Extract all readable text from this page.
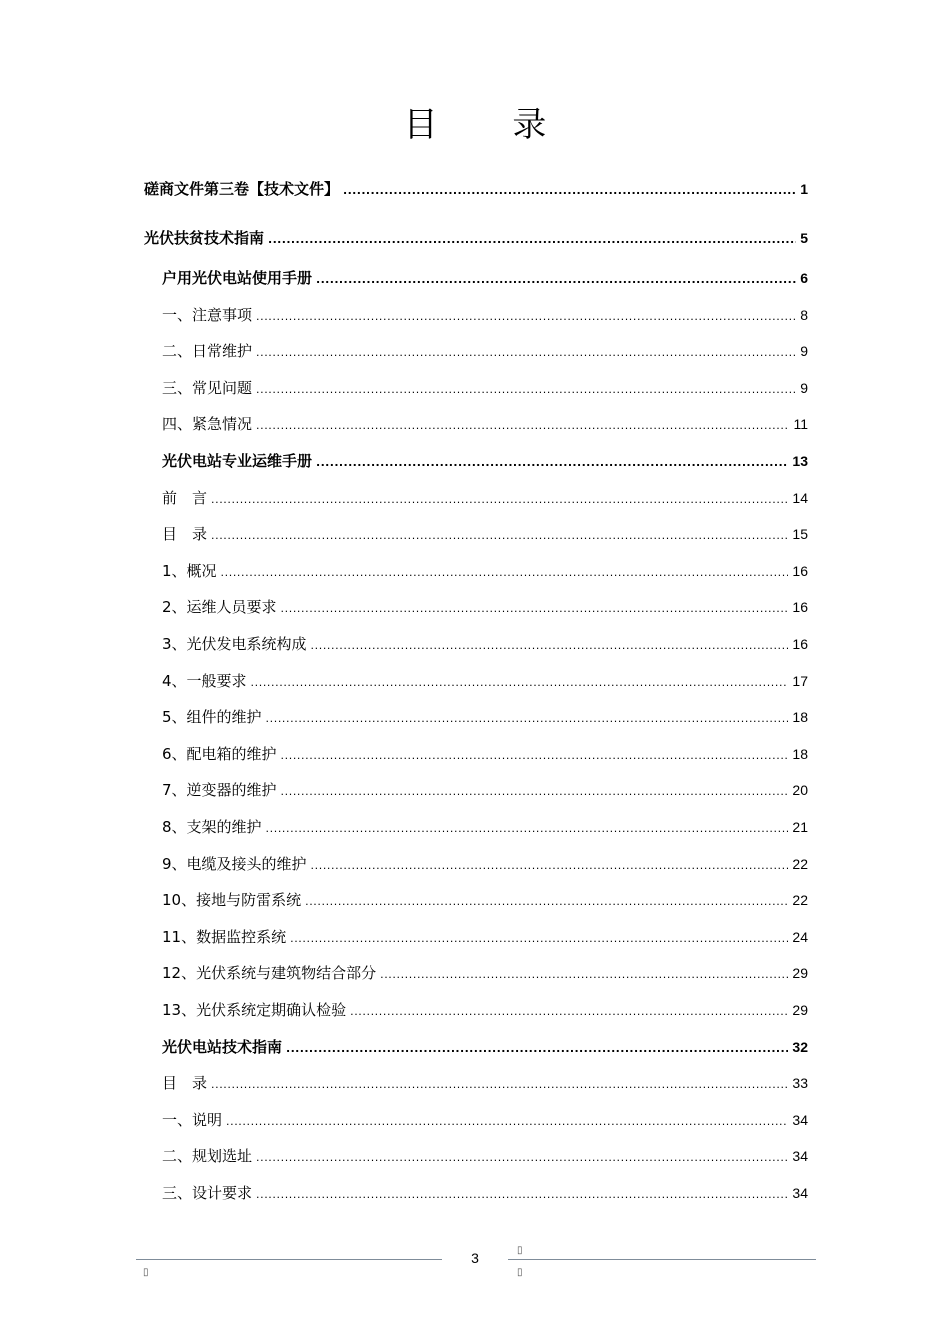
目 录
磋商文件第三卷【技术文件】 .....	1
光伏扶贫技术指南 .....	5
户用光伏电站使用手册 .....	6
一、注意事项 .....	8
二、日常维护 .....	9
三、常见问题 .....	9
四、紧急情况 .....	11
光伏电站专业运维手册 .....	13
前　言 .....	14
目　录 .....	15
1、概况 .....	16
2、运维人员要求 .....	16
3、光伏发电系统构成 .....	16
4、一般要求 .....	17
5、组件的维护 .....	18
6、配电箱的维护 .....	18
7、逆变器的维护 .....	20
8、支架的维护 .....	21
9、电缆及接头的维护 .....	22
10、接地与防雷系统 .....	22
11、数据监控系统 .....	24
12、光伏系统与建筑物结合部分 .....	29
13、光伏系统定期确认检验 .....	29
光伏电站技术指南 .....	32
目　录 .....	33
一、说明 .....	34
二、规划选址 .....	34
三、设计要求 .....	34
3
▯
▯
▯
